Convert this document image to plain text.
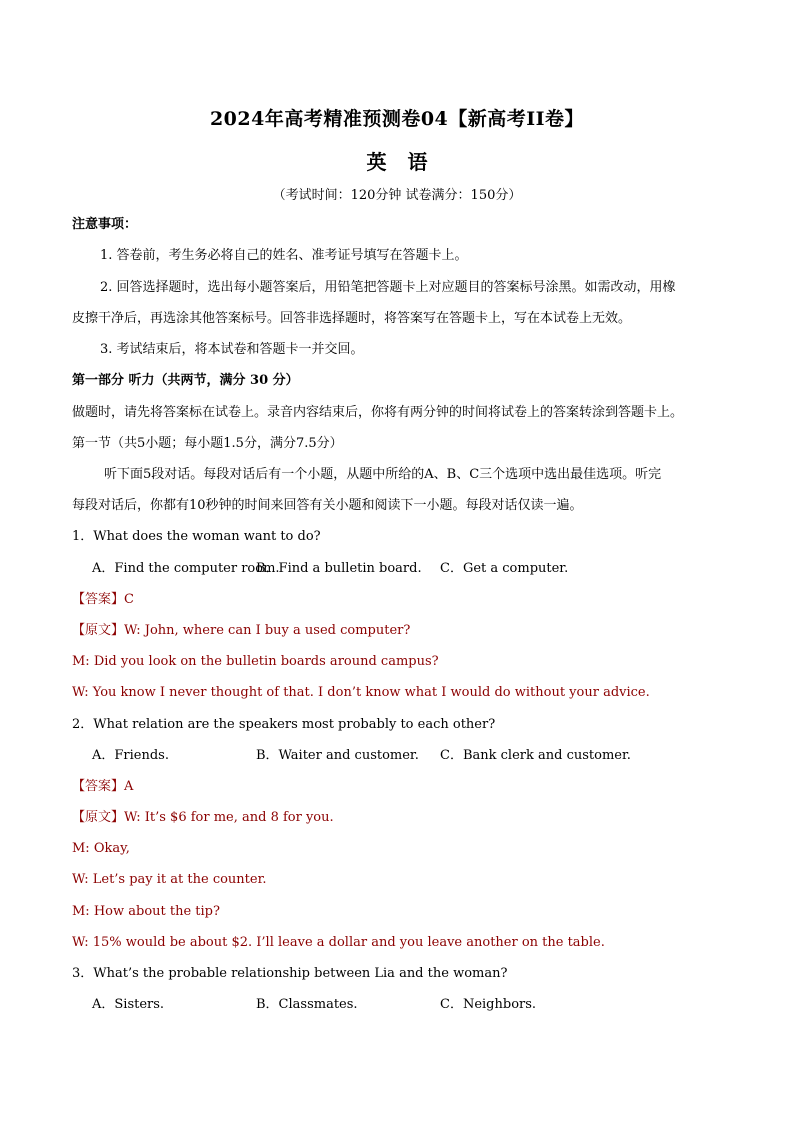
2024年高考精准预测卷04【新高考II卷】
英 语
（考试时间：120分钟 试卷满分：150分）
注意事项：
1. 答卷前，考生务必将自己的姓名、准考证号填写在答题卡上。
2. 回答选择题时，选出每小题答案后，用铅笔把答题卡上对应题目的答案标号涂黑。如需改动，用橡
皮擦干净后，再选涂其他答案标号。回答非选择题时，将答案写在答题卡上，写在本试卷上无效。
3. 考试结束后，将本试卷和答题卡一并交回。
第一部分 听力（共两节，满分 30 分）
做题时，请先将答案标在试卷上。录音内容结束后，你将有两分钟的时间将试卷上的答案转涂到答题卡上。
第一节（共5小题；每小题1.5分，满分7.5分）
听下面5段对话。每段对话后有一个小题，从题中所给的A、B、C三个选项中选出最佳选项。听完
每段对话后，你都有10秒钟的时间来回答有关小题和阅读下一小题。每段对话仅读一遍。
1．What does the woman want to do?
A．Find the computer room.
B．Find a bulletin board. C．Get a computer.
【答案】C
【原文】W: John, where can I buy a used computer?
M: Did you look on the bulletin boards around campus?
W: You know I never thought of that. I don’t know what I would do without your advice.
2．What relation are the speakers most probably to each other?
A．Friends.	B．Waiter and customer. C．Bank clerk and customer.
【答案】A
【原文】W: It’s $6 for me, and 8 for you.
M: Okay,
W: Let’s pay it at the counter.
M: How about the tip?
W: 15% would be about $2. I’ll leave a dollar and you leave another on the table.
3．What’s the probable relationship between Lia and the woman?
A．Sisters.	B．Classmates.	C．Neighbors.
